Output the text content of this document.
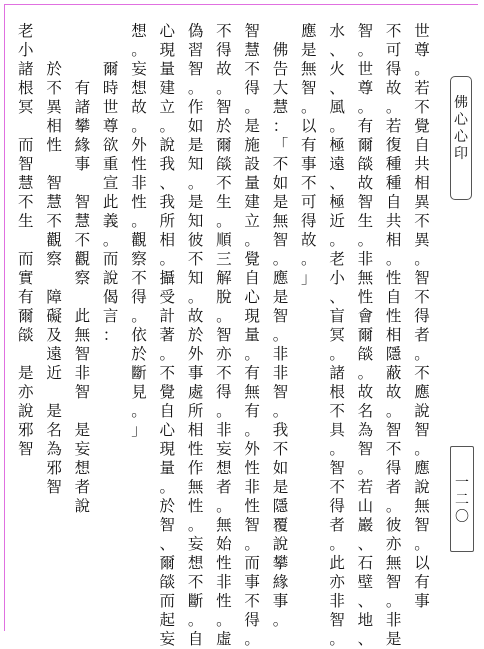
世
尊
。
若
不
覺
自
共
相
異
不
異
。
智
不
得
者
。
不
應
說
智
。
應
說
無
智
。
以
有
事
不
可
得
故
。
若
復
種
種
自
共
相
。
性
自
性
相
隱
蔽
故
。
智
不
得
者
。
彼
亦
無
智
。
非
是
智
。
世
尊
。
有
爾
燄
故
智
生
。
非
無
性
會
爾
燄
。
故
名
為
智
。
若
山
巖
、
石
壁
、
地
、
水
、
火
、
風
。
極
遠
、
極
近
。
老
小
、
盲
冥
。
諸
根
不
具
。
智
不
得
者
。
此
亦
非
智
。
應
是
無
智
。
以
有
事
不
可
得
故
。
」
佛
告
大
慧
：
「
不
如
是
無
智
。
應
是
智
。
非
非
智
。
我
不
如
是
隱
覆
說
攀
緣
事
。
智
慧
不
得
。
是
施
設
量
建
立
。
覺
自
心
現
量
。
有
無
有
。
外
性
非
性
智
。
而
事
不
得
。
不
得
故
。
智
於
爾
燄
不
生
。
順
三
解
脫
。
智
亦
不
得
。
非
妄
想
者
。
無
始
性
非
性
。
虛
偽
習
智
。
作
如
是
知
。
是
知
彼
不
知
。
故
於
外
事
處
所
相
性
作
無
性
。
妄
想
不
斷
。
自
心
現
量
建
立
。
說
我
、
我
所
相
。
攝
受
計
著
。
不
覺
自
心
現
量
。
於
智
、
爾
燄
而
起
妄
想
。
妄
想
故
。
外
性
非
性
。
觀
察
不
得
。
依
於
斷
見
。
」
爾
時
世
尊
欲
重
宣
此
義
。
而
說
偈
言
：
有
諸
攀
緣
事

智
慧
不
觀
察

此
無
智
非
智

是
妄
想
者
說
於
不
異
相
性

智
慧
不
觀
察

障
礙
及
遠
近

是
名
為
邪
智
老
小
諸
根
冥

而
智
慧
不
生

而
實
有
爾
燄

是
亦
說
邪
智
佛
心
心
印
一
二
〇
